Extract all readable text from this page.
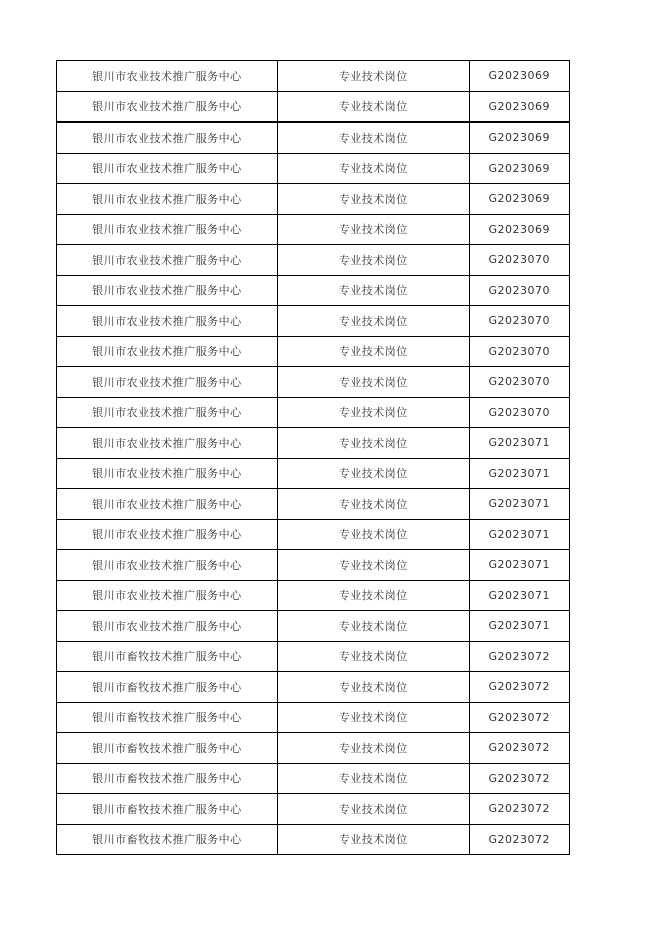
银川市农业技术推广服务中心	专业技术岗位	G2023069
银川市农业技术推广服务中心	专业技术岗位	G2023069
银川市农业技术推广服务中心	专业技术岗位	G2023069
银川市农业技术推广服务中心	专业技术岗位	G2023069
银川市农业技术推广服务中心	专业技术岗位	G2023069
银川市农业技术推广服务中心	专业技术岗位	G2023069
银川市农业技术推广服务中心	专业技术岗位	G2023070
银川市农业技术推广服务中心	专业技术岗位	G2023070
银川市农业技术推广服务中心	专业技术岗位	G2023070
银川市农业技术推广服务中心	专业技术岗位	G2023070
银川市农业技术推广服务中心	专业技术岗位	G2023070
银川市农业技术推广服务中心	专业技术岗位	G2023070
银川市农业技术推广服务中心	专业技术岗位	G2023071
银川市农业技术推广服务中心	专业技术岗位	G2023071
银川市农业技术推广服务中心	专业技术岗位	G2023071
银川市农业技术推广服务中心	专业技术岗位	G2023071
银川市农业技术推广服务中心	专业技术岗位	G2023071
银川市农业技术推广服务中心	专业技术岗位	G2023071
银川市农业技术推广服务中心	专业技术岗位	G2023071
银川市畜牧技术推广服务中心	专业技术岗位	G2023072
银川市畜牧技术推广服务中心	专业技术岗位	G2023072
银川市畜牧技术推广服务中心	专业技术岗位	G2023072
银川市畜牧技术推广服务中心	专业技术岗位	G2023072
银川市畜牧技术推广服务中心	专业技术岗位	G2023072
银川市畜牧技术推广服务中心	专业技术岗位	G2023072
银川市畜牧技术推广服务中心	专业技术岗位	G2023072
